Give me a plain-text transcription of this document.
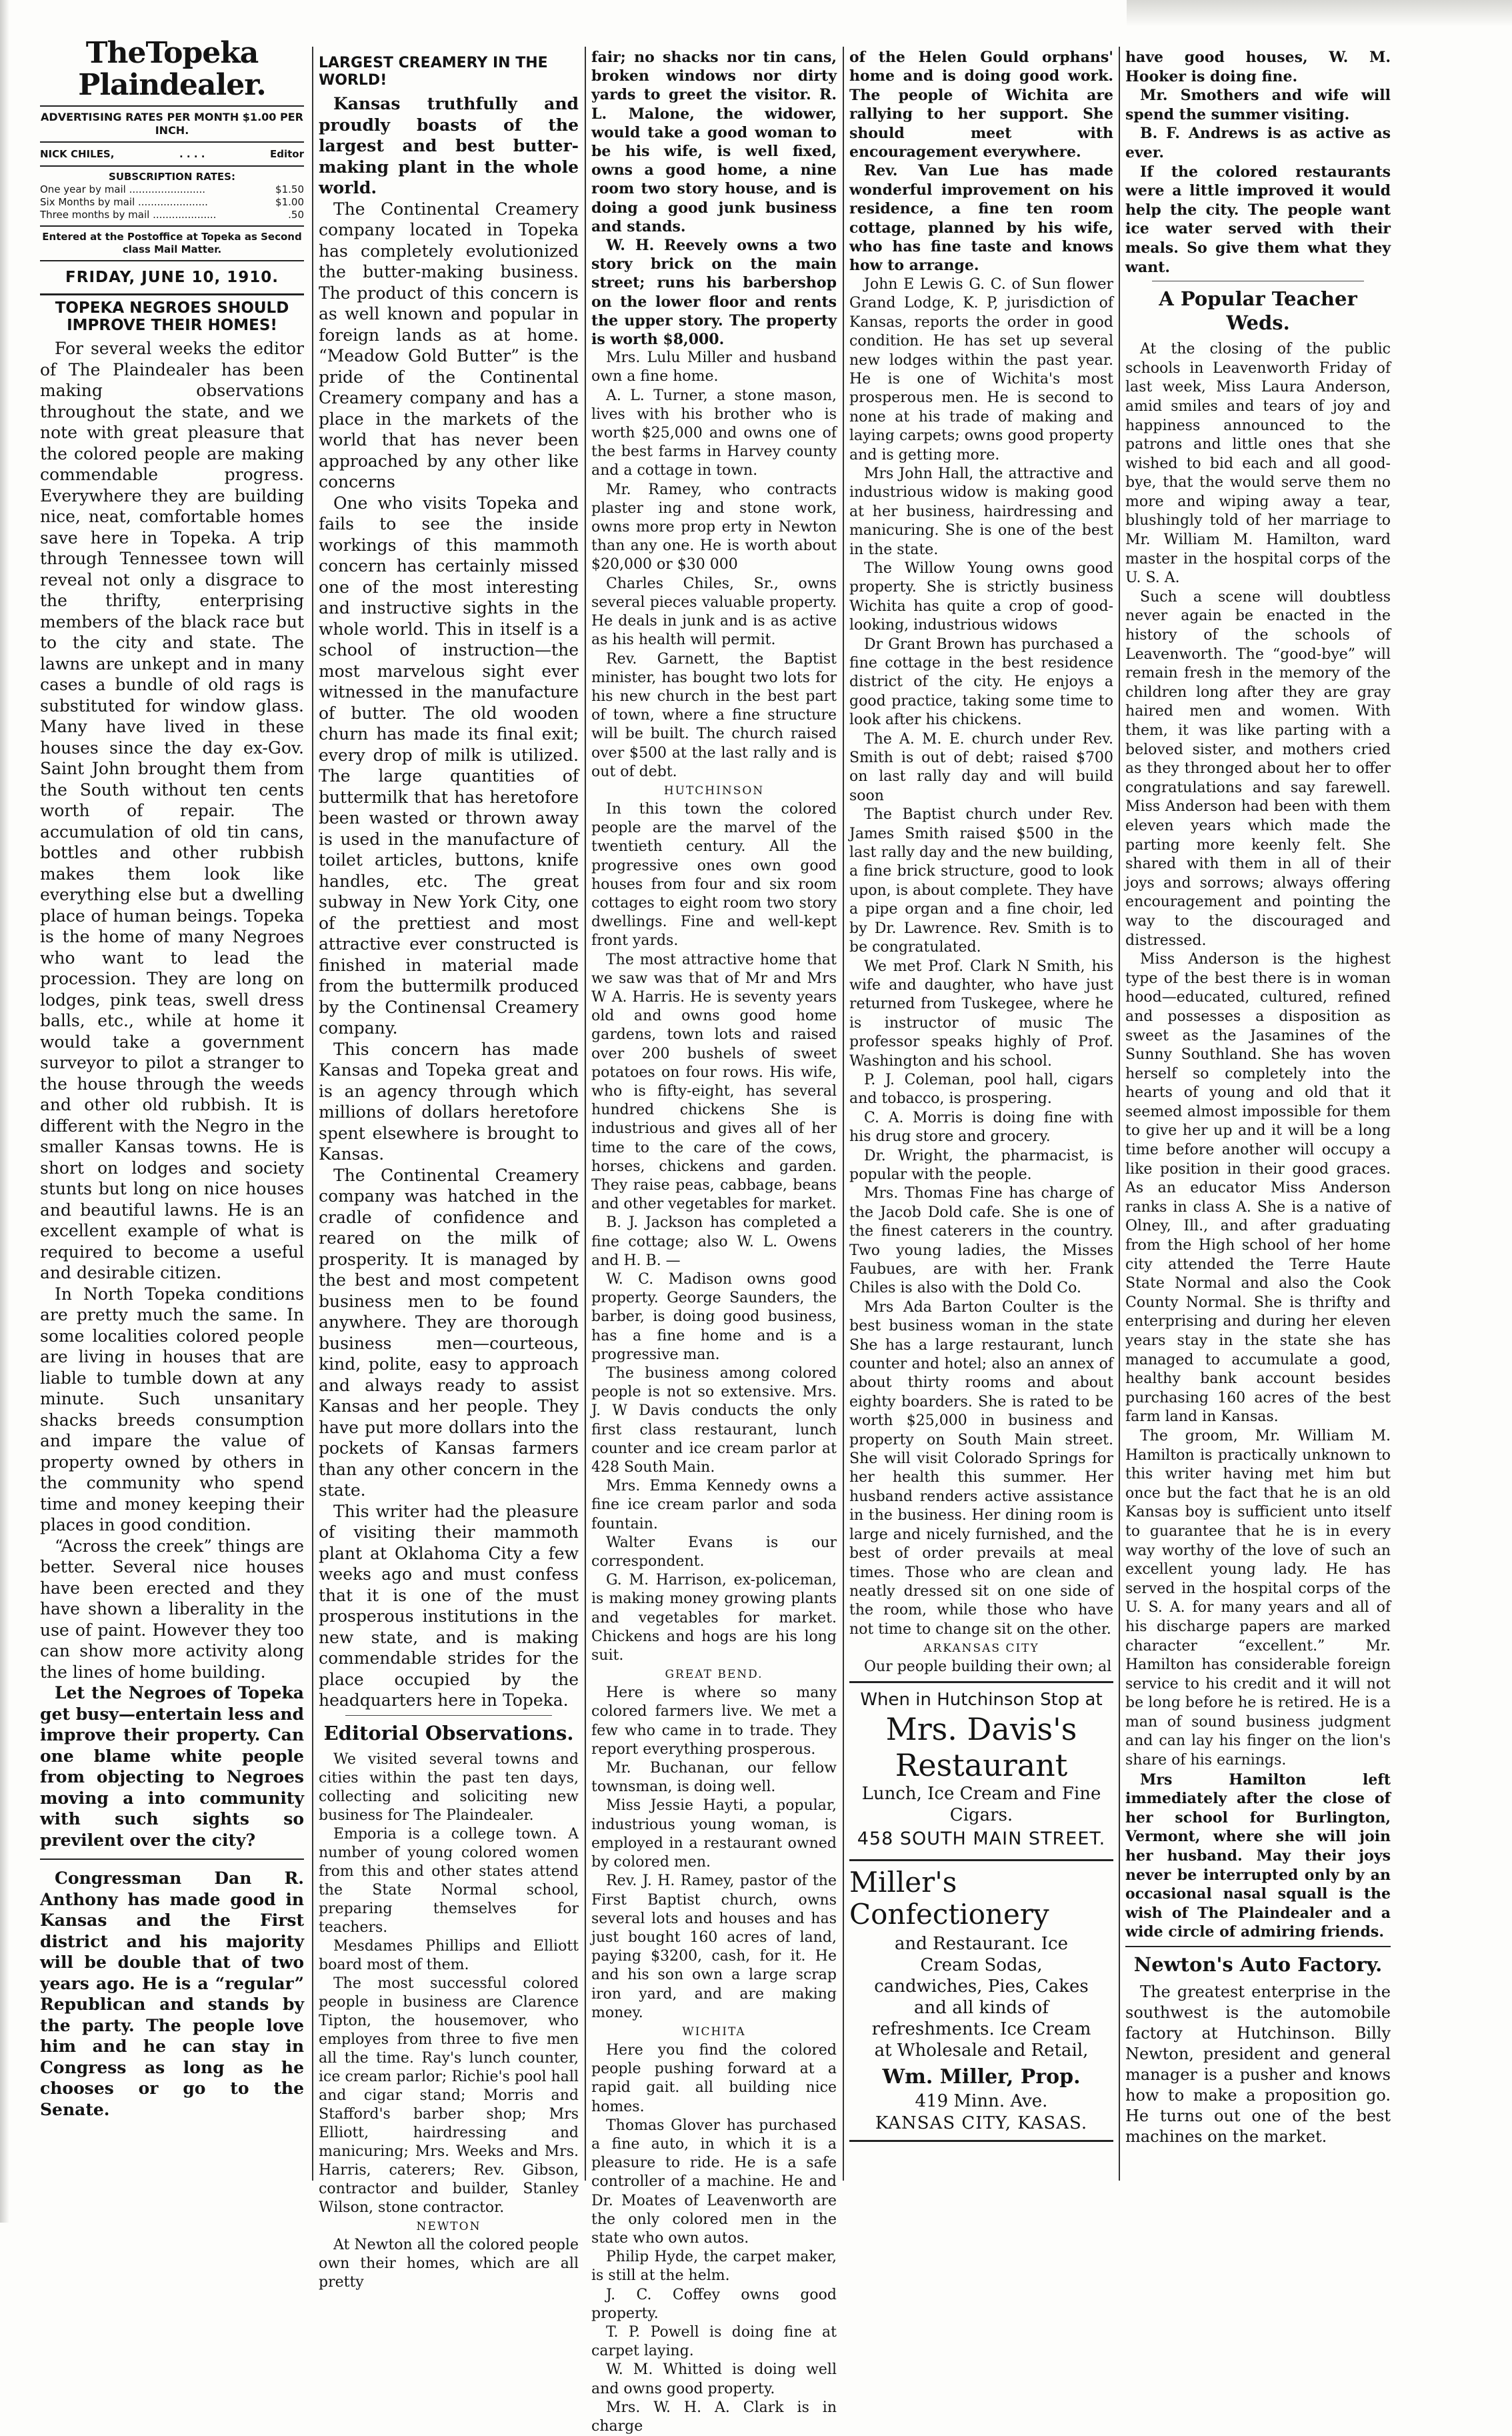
TheTopeka Plaindealer.
ADVERTISING RATES PER MONTH $1.00 PER INCH.
NICK CHILES,	. . . .	Editor
SUBSCRIPTION RATES:
One year by mail ........................	$1.50
Six Months by mail ......................	$1.00
Three months by mail ....................	.50
Entered at the Postoffice at Topeka as Second class Mail Matter.
FRIDAY, JUNE 10, 1910.
TOPEKA NEGROES SHOULD IMPROVE THEIR HOMES!

For several weeks the editor of The Plaindealer has been making observations throughout the state, and we note with great pleasure that the colored people are making commendable progress. Everywhere they are building nice, neat, comfortable homes save here in Topeka. A trip through Tennessee town will reveal not only a disgrace to the thrifty, enterprising members of the black race but to the city and state. The lawns are unkept and in many cases a bundle of old rags is substituted for window glass. Many have lived in these houses since the day ex-Gov. Saint John brought them from the South without ten cents worth of repair. The accumulation of old tin cans, bottles and other rubbish makes them look like everything else but a dwelling place of human beings. Topeka is the home of many Negroes who want to lead the procession. They are long on lodges, pink teas, swell dress balls, etc., while at home it would take a government surveyor to pilot a stranger to the house through the weeds and other old rubbish. It is different with the Negro in the smaller Kansas towns. He is short on lodges and society stunts but long on nice houses and beautiful lawns. He is an excellent example of what is required to become a useful and desirable citizen.

In North Topeka conditions are pretty much the same. In some localities colored people are living in houses that are liable to tumble down at any minute. Such unsanitary shacks breeds consumption and impare the value of property owned by others in the community who spend time and money keeping their places in good condition.

“Across the creek” things are better. Several nice houses have been erected and they have shown a liberality in the use of paint. However they too can show more activity along the lines of home building.

Let the Negroes of Topeka get busy—entertain less and improve their property. Can one blame white people from objecting to Negroes moving a into community with such sights so previlent over the city?

Congressman Dan R. Anthony has made good in Kansas and the First district and his majority will be double that of two years ago. He is a “regular” Republican and stands by the party. The people love him and he can stay in Congress as long as he chooses or go to the Senate.

LARGEST CREAMERY IN THE WORLD!

Kansas truthfully and proudly boasts of the largest and best butter-making plant in the whole world.

The Continental Creamery company located in Topeka has completely evolutionized the butter-making business. The product of this concern is as well known and popular in foreign lands as at home. “Meadow Gold Butter” is the pride of the Continental Creamery company and has a place in the markets of the world that has never been approached by any other like concerns

One who visits Topeka and fails to see the inside workings of this mammoth concern has certainly missed one of the most interesting and instructive sights in the whole world. This in itself is a school of instruction—the most marvelous sight ever witnessed in the manufacture of butter. The old wooden churn has made its final exit; every drop of milk is utilized. The large quantities of buttermilk that has heretofore been wasted or thrown away is used in the manufacture of toilet articles, buttons, knife handles, etc. The great subway in New York City, one of the prettiest and most attractive ever constructed is finished in material made from the buttermilk produced by the Continensal Creamery company.

This concern has made Kansas and Topeka great and is an agency through which millions of dollars heretofore spent elsewhere is brought to Kansas.

The Continental Creamery company was hatched in the cradle of confidence and reared on the milk of prosperity. It is managed by the best and most competent business men to be found anywhere. They are thorough business men—courteous, kind, polite, easy to approach and always ready to assist Kansas and her people. They have put more dollars into the pockets of Kansas farmers than any other concern in the state.

This writer had the pleasure of visiting their mammoth plant at Oklahoma City a few weeks ago and must confess that it is one of the must prosperous institutions in the new state, and is making commendable strides for the place occupied by the headquarters here in Topeka.

Editorial Observations.

We visited several towns and cities within the past ten days, collecting and soliciting new business for The Plaindealer.

Emporia is a college town. A number of young colored women from this and other states attend the State Normal school, preparing themselves for teachers.

Mesdames Phillips and Elliott board most of them.

The most successful colored people in business are Clarence Tipton, the housemover, who employes from three to five men all the time. Ray's lunch counter, ice cream parlor; Richie's pool hall and cigar stand; Morris and Stafford's barber shop; Mrs Elliott, hairdressing and manicuring; Mrs. Weeks and Mrs. Harris, caterers; Rev. Gibson, contractor and builder, Stanley Wilson, stone contractor.

NEWTON

At Newton all the colored people own their homes, which are all pretty

fair; no shacks nor tin cans, broken windows nor dirty yards to greet the visitor. R. L. Malone, the widower, would take a good woman to be his wife, is well fixed, owns a good home, a nine room two story house, and is doing a good junk business and stands.

W. H. Reevely owns a two story brick on the main street; runs his barbershop on the lower floor and rents the upper story. The property is worth $8,000.

Mrs. Lulu Miller and husband own a fine home.

A. L. Turner, a stone mason, lives with his brother who is worth $25,000 and owns one of the best farms in Harvey county and a cottage in town.

Mr. Ramey, who contracts plaster ing and stone work, owns more prop erty in Newton than any one. He is worth about $20,000 or $30 000

Charles Chiles, Sr., owns several pieces valuable property. He deals in junk and is as active as his health will permit.

Rev. Garnett, the Baptist minister, has bought two lots for his new church in the best part of town, where a fine structure will be built. The church raised over $500 at the last rally and is out of debt.

HUTCHINSON

In this town the colored people are the marvel of the twentieth century. All the progressive ones own good houses from four and six room cottages to eight room two story dwellings. Fine and well-kept front yards.

The most attractive home that we saw was that of Mr and Mrs W A. Harris. He is seventy years old and owns good home gardens, town lots and raised over 200 bushels of sweet potatoes on four rows. His wife, who is fifty-eight, has several hundred chickens She is industrious and gives all of her time to the care of the cows, horses, chickens and garden. They raise peas, cabbage, beans and other vegetables for market.

B. J. Jackson has completed a fine cottage; also W. L. Owens and H. B. —

W. C. Madison owns good property. George Saunders, the barber, is doing good business, has a fine home and is a progressive man.

The business among colored people is not so extensive. Mrs. J. W Davis conducts the only first class restaurant, lunch counter and ice cream parlor at 428 South Main.

Mrs. Emma Kennedy owns a fine ice cream parlor and soda fountain.

Walter Evans is our correspondent.

G. M. Harrison, ex-policeman, is making money growing plants and vegetables for market. Chickens and hogs are his long suit.

GREAT BEND.

Here is where so many colored farmers live. We met a few who came in to trade. They report everything prosperous.

Mr. Buchanan, our fellow townsman, is doing well.

Miss Jessie Hayti, a popular, industrious young woman, is employed in a restaurant owned by colored men.

Rev. J. H. Ramey, pastor of the First Baptist church, owns several lots and houses and has just bought 160 acres of land, paying $3200, cash, for it. He and his son own a large scrap iron yard, and are making money.

WICHITA

Here you find the colored people pushing forward at a rapid gait. all building nice homes.

Thomas Glover has purchased a fine auto, in which it is a pleasure to ride. He is a safe controller of a machine. He and Dr. Moates of Leavenworth are the only colored men in the state who own autos.

Philip Hyde, the carpet maker, is still at the helm.

J. C. Coffey owns good property.

T. P. Powell is doing fine at carpet laying.

W. M. Whitted is doing well and owns good property.

Mrs. W. H. A. Clark is in charge

of the Helen Gould orphans' home and is doing good work. The people of Wichita are rallying to her support. She should meet with encouragement everywhere.

Rev. Van Lue has made wonderful improvement on his residence, a fine ten room cottage, planned by his wife, who has fine taste and knows how to arrange.

John E Lewis G. C. of Sun flower Grand Lodge, K. P, jurisdiction of Kansas, reports the order in good condition. He has set up several new lodges within the past year. He is one of Wichita's most prosperous men. He is second to none at his trade of making and laying carpets; owns good property and is getting more.

Mrs John Hall, the attractive and industrious widow is making good at her business, hairdressing and manicuring. She is one of the best in the state.

The Willow Young owns good property. She is strictly business Wichita has quite a crop of good-looking, industrious widows

Dr Grant Brown has purchased a fine cottage in the best residence district of the city. He enjoys a good practice, taking some time to look after his chickens.

The A. M. E. church under Rev. Smith is out of debt; raised $700 on last rally day and will build soon

The Baptist church under Rev. James Smith raised $500 in the last rally day and the new building, a fine brick structure, good to look upon, is about complete. They have a pipe organ and a fine choir, led by Dr. Lawrence. Rev. Smith is to be congratulated.

We met Prof. Clark N Smith, his wife and daughter, who have just returned from Tuskegee, where he is instructor of music The professor speaks highly of Prof. Washington and his school.

P. J. Coleman, pool hall, cigars and tobacco, is prospering.

C. A. Morris is doing fine with his drug store and grocery.

Dr. Wright, the pharmacist, is popular with the people.

Mrs. Thomas Fine has charge of the Jacob Dold cafe. She is one of the finest caterers in the country. Two young ladies, the Misses Faubues, are with her. Frank Chiles is also with the Dold Co.

Mrs Ada Barton Coulter is the best business woman in the state She has a large restaurant, lunch counter and hotel; also an annex of about thirty rooms and about eighty boarders. She is rated to be worth $25,000 in business and property on South Main street. She will visit Colorado Springs for her health this summer. Her husband renders active assistance in the business. Her dining room is large and nicely furnished, and the best of order prevails at meal times. Those who are clean and neatly dressed sit on one side of the room, while those who have not time to change sit on the other.

ARKANSAS CITY

Our people building their own; al

When in Hutchinson Stop at
Mrs. Davis's
Restaurant
Lunch, Ice Cream and Fine Cigars.
458 SOUTH MAIN STREET.
Miller's
Confectionery
and Restaurant. Ice Cream Sodas, candwiches, Pies, Cakes and all kinds of refreshments. Ice Cream at Wholesale and Retail,
Wm. Miller, Prop.
419 Minn. Ave.
KANSAS CITY, KASAS.

have good houses, W. M. Hooker is doing fine.

Mr. Smothers and wife will spend the summer visiting.

B. F. Andrews is as active as ever.

If the colored restaurants were a little improved it would help the city. The people want ice water served with their meals. So give them what they want.

A Popular Teacher Weds.

At the closing of the public schools in Leavenworth Friday of last week, Miss Laura Anderson, amid smiles and tears of joy and happiness announced to the patrons and little ones that she wished to bid each and all good-bye, that the would serve them no more and wiping away a tear, blushingly told of her marriage to Mr. William M. Hamilton, ward master in the hospital corps of the U. S. A.

Such a scene will doubtless never again be enacted in the history of the schools of Leavenworth. The “good-bye” will remain fresh in the memory of the children long after they are gray haired men and women. With them, it was like parting with a beloved sister, and mothers cried as they thronged about her to offer congratulations and say farewell. Miss Anderson had been with them eleven years which made the parting more keenly felt. She shared with them in all of their joys and sorrows; always offering encouragement and pointing the way to the discouraged and distressed.

Miss Anderson is the highest type of the best there is in woman hood—educated, cultured, refined and possesses a disposition as sweet as the Jasamines of the Sunny Southland. She has woven herself so completely into the hearts of young and old that it seemed almost impossible for them to give her up and it will be a long time before another will occupy a like position in their good graces. As an educator Miss Anderson ranks in class A. She is a native of Olney, Ill., and after graduating from the High school of her home city attended the Terre Haute State Normal and also the Cook County Normal. She is thrifty and enterprising and during her eleven years stay in the state she has managed to accumulate a good, healthy bank account besides purchasing 160 acres of the best farm land in Kansas.

The groom, Mr. William M. Hamilton is practically unknown to this writer having met him but once but the fact that he is an old Kansas boy is sufficient unto itself to guarantee that he is in every way worthy of the love of such an excellent young lady. He has served in the hospital corps of the U. S. A. for many years and all of his discharge papers are marked character “excellent.” Mr. Hamilton has considerable foreign service to his credit and it will not be long before he is retired. He is a man of sound business judgment and can lay his finger on the lion's share of his earnings.

Mrs Hamilton left immediately after the close of her school for Burlington, Vermont, where she will join her husband. May their joys never be interrupted only by an occasional nasal squall is the wish of The Plaindealer and a wide circle of admiring friends.

Newton's Auto Factory.

The greatest enterprise in the southwest is the automobile factory at Hutchinson. Billy Newton, president and general manager is a pusher and knows how to make a proposition go. He turns out one of the best machines on the market.
